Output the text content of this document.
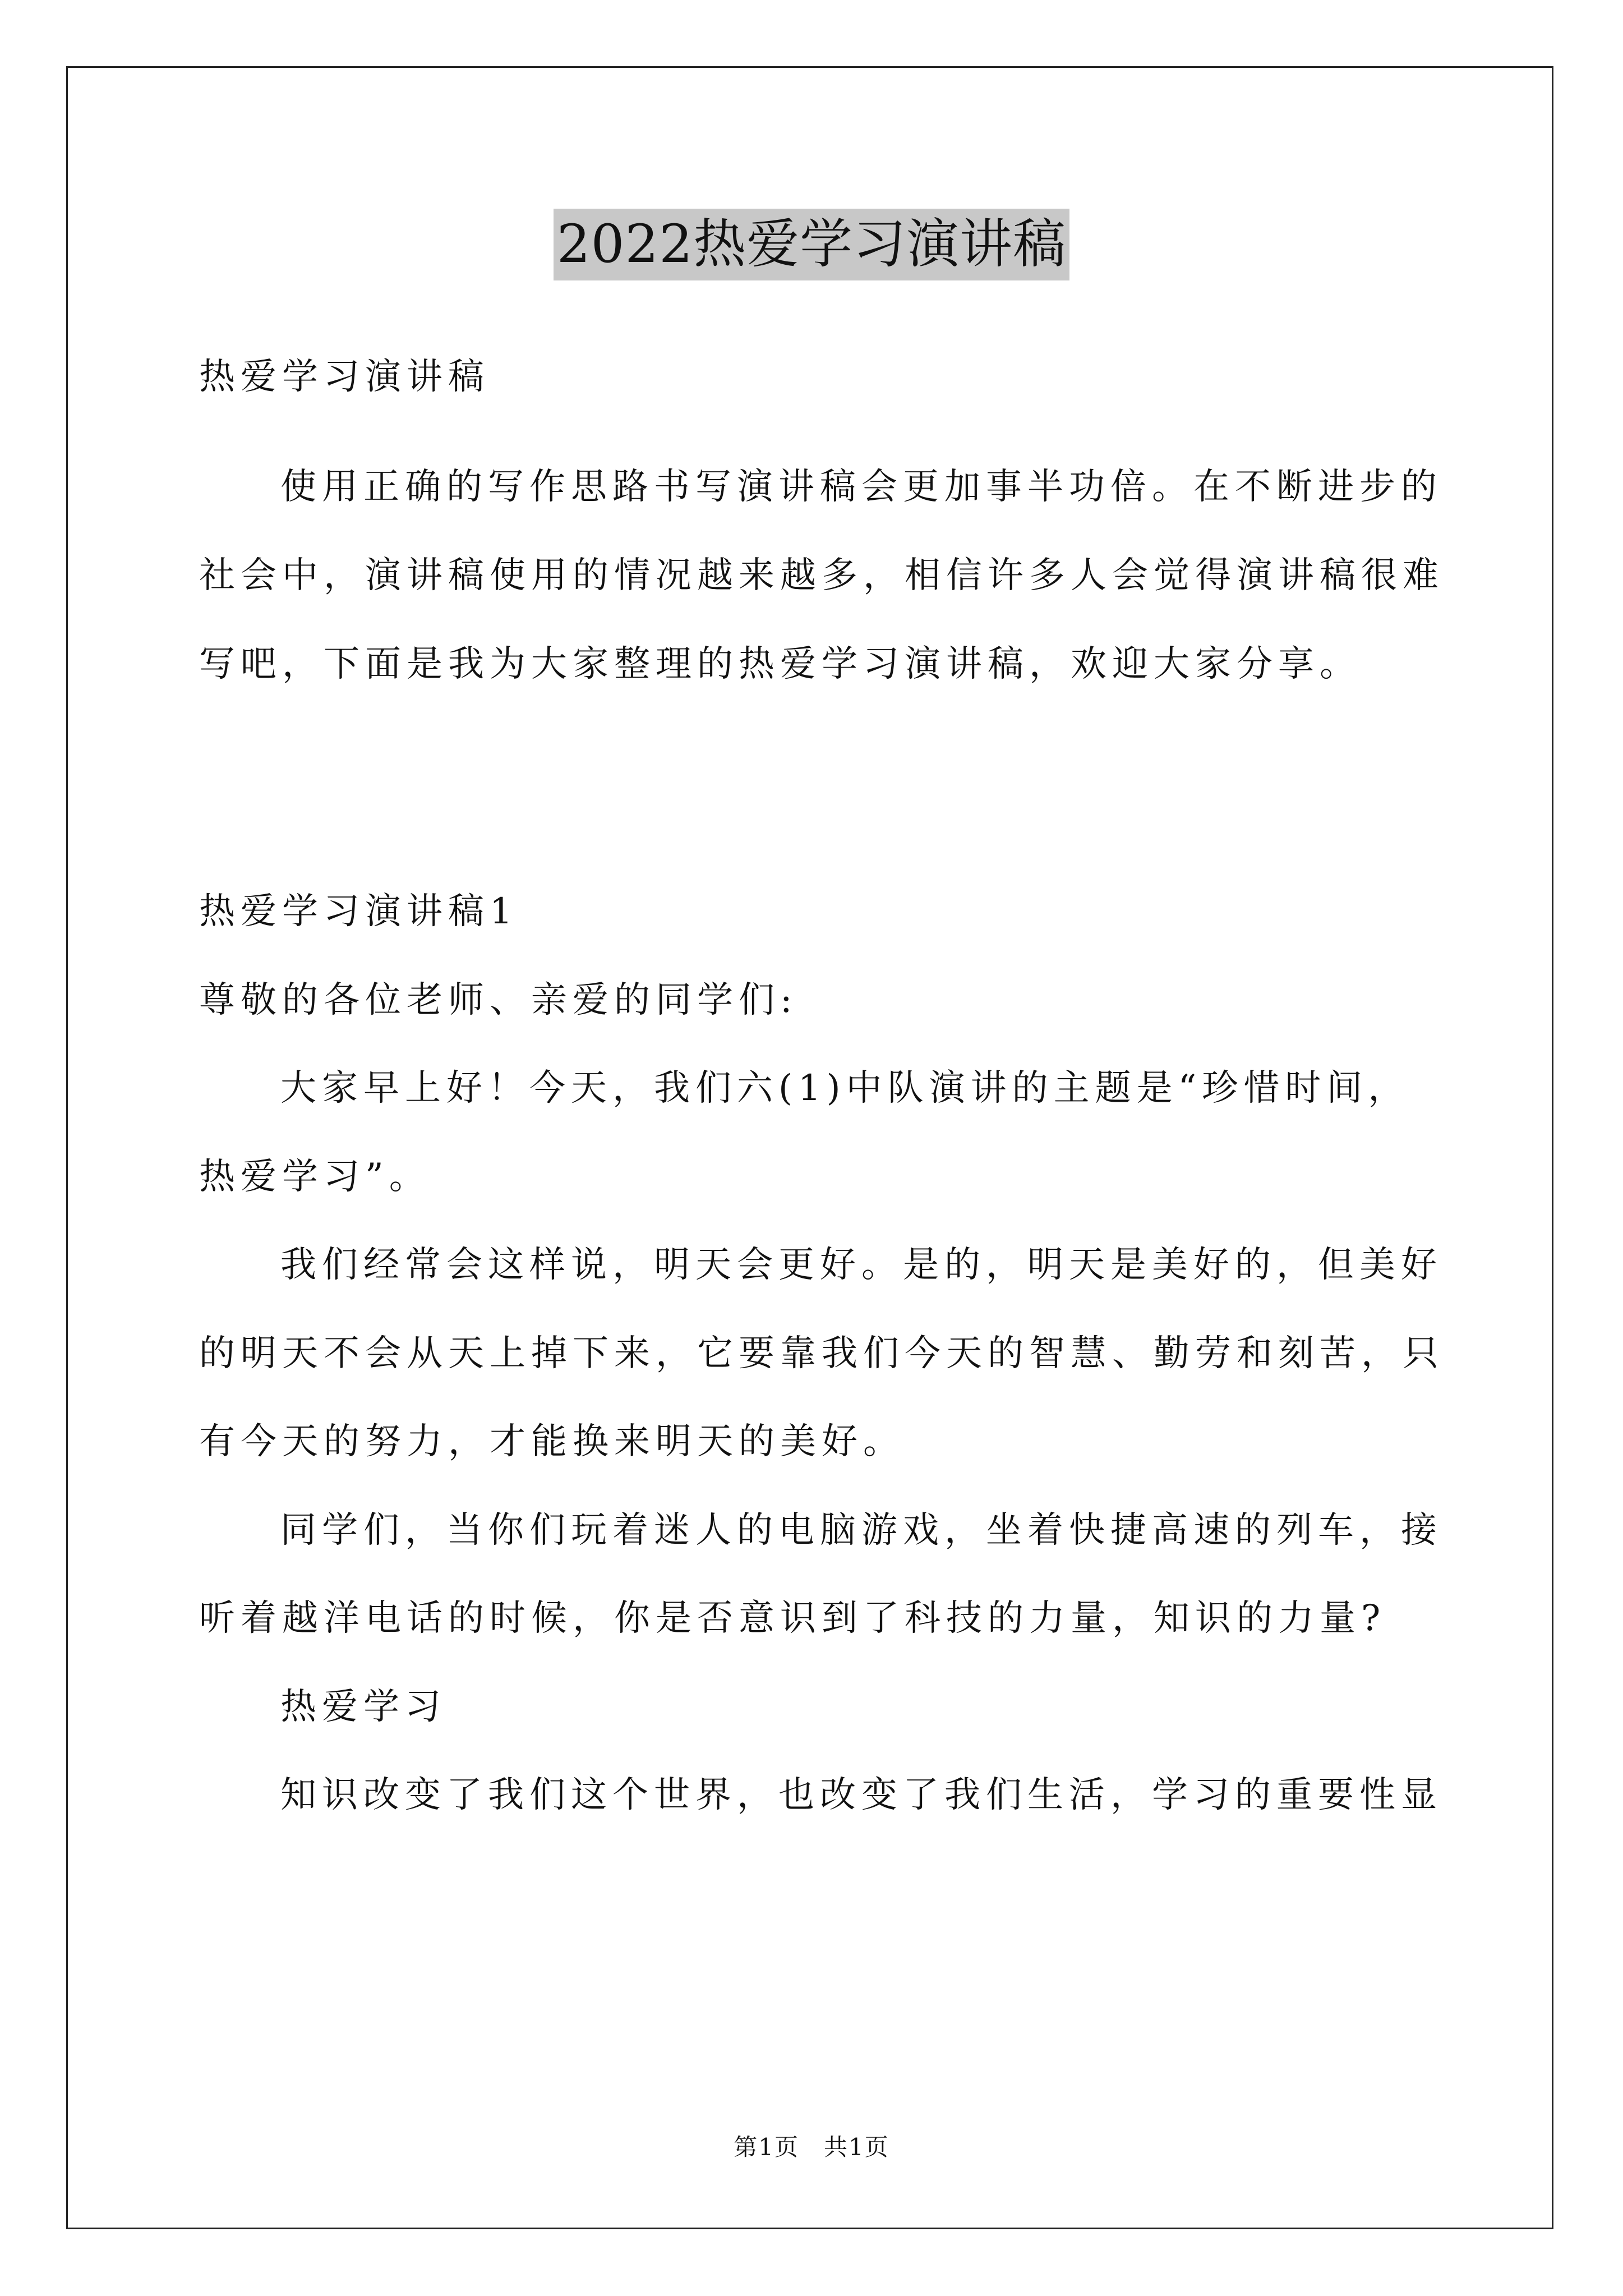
2022热爱学习演讲稿
热爱学习演讲稿
使用正确的写作思路书写演讲稿会更加事半功倍。在不断进步的
社会中，演讲稿使用的情况越来越多，相信许多人会觉得演讲稿很难
写吧，下面是我为大家整理的热爱学习演讲稿，欢迎大家分享。
热爱学习演讲稿1
尊敬的各位老师、亲爱的同学们:
大家早上好！今天，我们六(1)中队演讲的主题是“珍惜时间，
热爱学习”。
我们经常会这样说，明天会更好。是的，明天是美好的，但美好
的明天不会从天上掉下来，它要靠我们今天的智慧、勤劳和刻苦，只
有今天的努力，才能换来明天的美好。
同学们，当你们玩着迷人的电脑游戏，坐着快捷高速的列车，接
听着越洋电话的时候，你是否意识到了科技的力量，知识的力量?
热爱学习
知识改变了我们这个世界，也改变了我们生活，学习的重要性显
第1页　共1页
